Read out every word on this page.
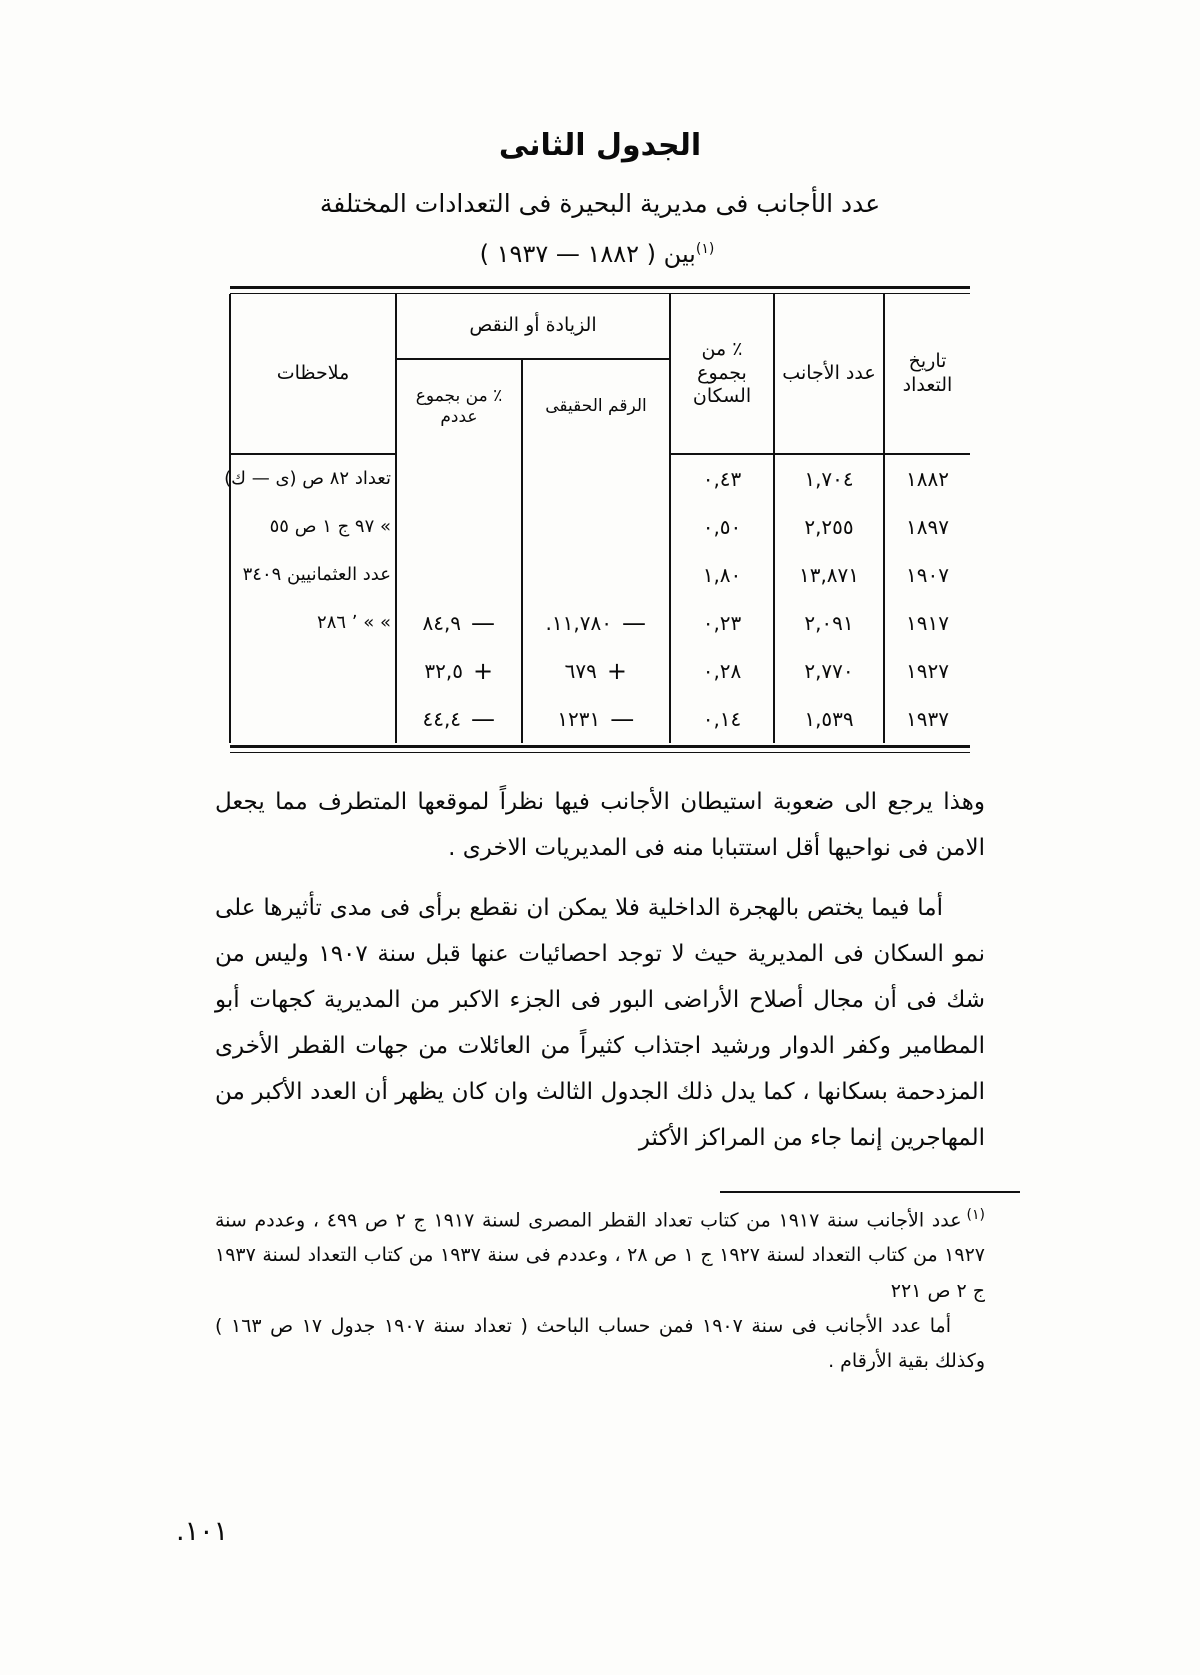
الجدول الثانى
عدد الأجانب فى مديرية البحيرة فى التعدادات المختلفة
$^{(١)}$بين ( ١٨٨٢ — ١٩٣٧ )
تاريخ التعداد	عدد الأجانب	٪ من بجموع السكان	الزيادة أو النقص		ملاحظات
			الرقم الحقيقى	٪ من بجموع عددم	
١٨٨٢	١,٧٠٤	٠,٤٣			تعداد ٨٢ ص (ى — ك)
١٨٩٧	٢,٢٥٥	٠,٥٠			» ٩٧ ج ١ ص ٥٥
١٩٠٧	١٣,٨٧١	١,٨٠			عدد العثمانيين ٣٤٠٩
١٩١٧	٢,٠٩١	٠,٢٣	١١,٧٨٠. —	٨٤,٩ —	» » ٬ ٢٨٦
١٩٢٧	٢,٧٧٠	٠,٢٨	٦٧٩ +	٣٢,٥ +	

١٩٣٧	١,٥٣٩	٠,١٤	١٢٣١ —	٤٤,٤ —	

وهذا يرجع الى ضعوبة استيطان الأجانب فيها نظراً لموقعها المتطرف مما يجعل الامن فى نواحيها أقل استتبابا منه فى المديريات الاخرى .

أما فيما يختص بالهجرة الداخلية فلا يمكن ان نقطع برأى فى مدى تأثيرها على نمو السكان فى المديرية حيث لا توجد احصائيات عنها قبل سنة ١٩٠٧ وليس من شك فى أن مجال أصلاح الأراضى البور فى الجزء الاكبر من المديرية كجهات أبو المطامير وكفر الدوار ورشيد اجتذاب كثيراً من العائلات من جهات القطر الأخرى المزدحمة بسكانها ، كما يدل ذلك الجدول الثالث وان كان يظهر أن العدد الأكبر من المهاجرين إنما جاء من المراكز الأكثر

$^{(١)}$عدد الأجانب سنة ١٩١٧ من كتاب تعداد القطر المصرى لسنة ١٩١٧ ج ٢ ص ٤٩٩ ، وعددم سنة ١٩٢٧ من كتاب التعداد لسنة ١٩٢٧ ج ١ ص ٢٨ ، وعددم فى سنة ١٩٣٧ من كتاب التعداد لسنة ١٩٣٧ ج ٢ ص ٢٢١

أما عدد الأجانب فى سنة ١٩٠٧ فمن حساب الباحث ( تعداد سنة ١٩٠٧ جدول ١٧ ص ١٦٣ ) وكذلك بقية الأرقام .

١٠١.
